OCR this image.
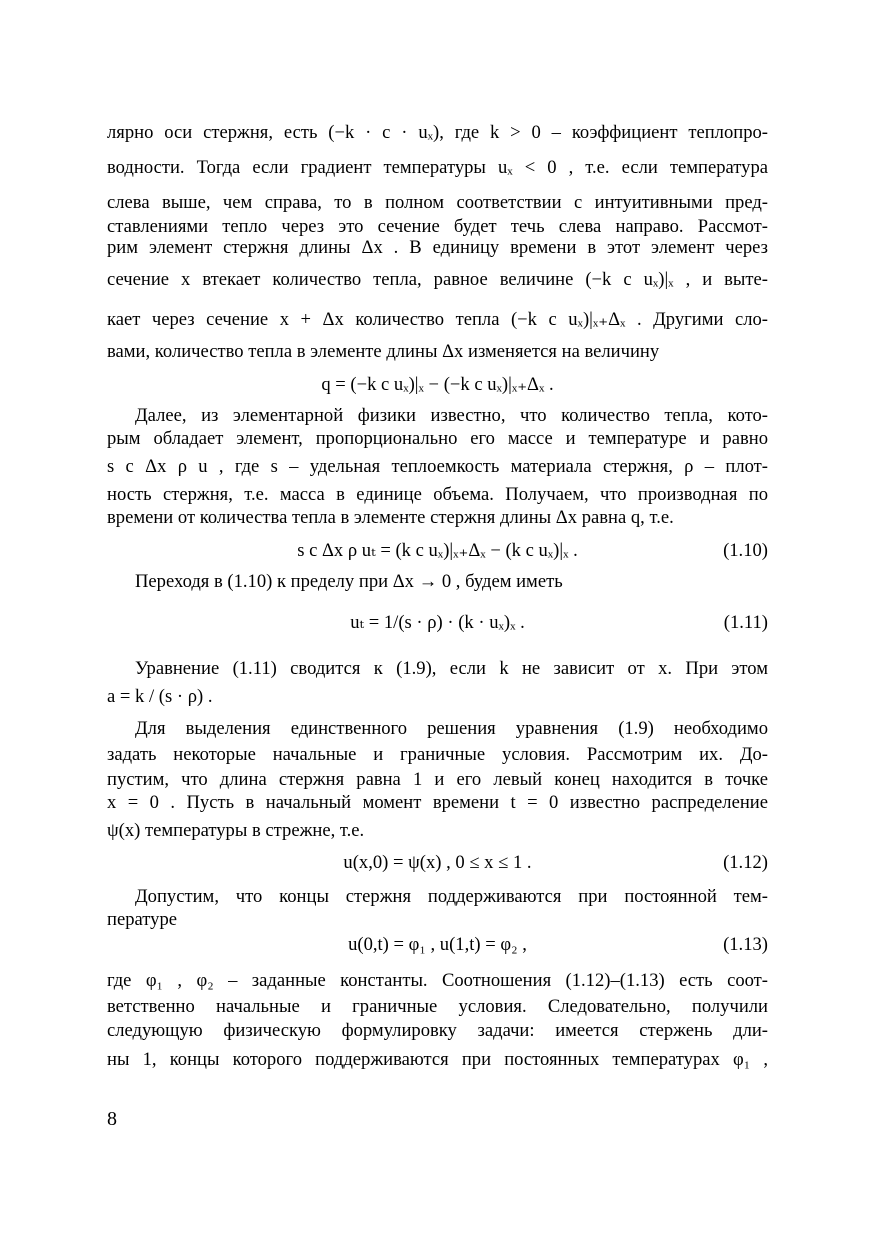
лярно оси стержня, есть (−k · c · uₓ), где k > 0 – коэффициент теплопро-
водности. Тогда если градиент температуры uₓ < 0 , т.е. если температура
слева выше, чем справа, то в полном соответствии с интуитивными пред-
ставлениями тепло через это сечение будет течь слева направо. Рассмот-
рим элемент стержня длины Δx . В единицу времени в этот элемент через
сечение x втекает количество тепла, равное величине (−k c uₓ)|ₓ , и выте-
кает через сечение x + Δx количество тепла (−k c uₓ)|ₓ₊Δₓ . Другими сло-
вами, количество тепла в элементе длины Δx изменяется на величину
q = (−k c uₓ)|ₓ − (−k c uₓ)|ₓ₊Δₓ .
Далее, из элементарной физики известно, что количество тепла, кото-
рым обладает элемент, пропорционально его массе и температуре и равно
s c Δx ρ u , где s – удельная теплоемкость материала стержня, ρ – плот-
ность стержня, т.е. масса в единице объема. Получаем, что производная по
времени от количества тепла в элементе стержня длины Δx равна q, т.е.
s c Δx ρ uₜ = (k c uₓ)|ₓ₊Δₓ − (k c uₓ)|ₓ .	(1.10)
Переходя в (1.10) к пределу при Δx → 0 , будем иметь
uₜ = 1/(s · ρ) · (k · uₓ)ₓ .	(1.11)
Уравнение (1.11) сводится к (1.9), если k не зависит от x. При этом
a = k / (s · ρ) .
Для выделения единственного решения уравнения (1.9) необходимо
задать некоторые начальные и граничные условия. Рассмотрим их. До-
пустим, что длина стержня равна 1 и его левый конец находится в точке
x = 0 . Пусть в начальный момент времени t = 0 известно распределение
ψ(x) температуры в стрежне, т.е.
u(x,0) = ψ(x) , 0 ≤ x ≤ 1 .	(1.12)
Допустим, что концы стержня поддерживаются при постоянной тем-
пературе
u(0,t) = φ₁ , u(1,t) = φ₂ ,	(1.13)
где φ₁ , φ₂ – заданные константы. Соотношения (1.12)–(1.13) есть соот-
ветственно начальные и граничные условия. Следовательно, получили
следующую физическую формулировку задачи: имеется стержень дли-
ны 1, концы которого поддерживаются при постоянных температурах φ₁ ,
8
